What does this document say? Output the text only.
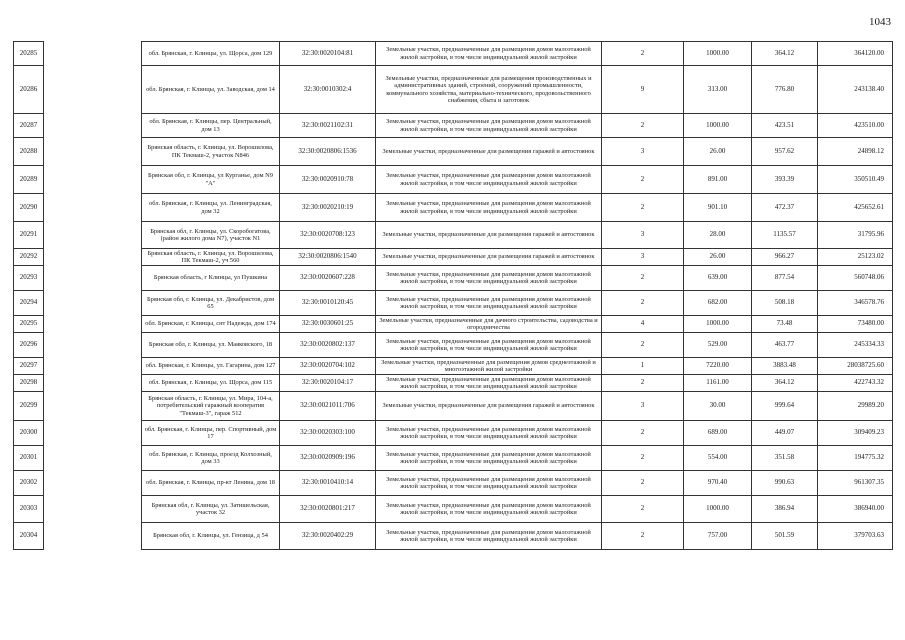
1043
20285		обл. Брянская, г. Клинцы, ул. Щорса, дом 129	32:30:0020104:81	Земельные участки, предназначенные для размещения домов малоэтажной жилой застройки, в том числе индивидуальной жилой застройки	2	1000.00	364.12	364120.00
20286		обл. Брянская, г. Клинцы, ул. Заводская, дом 14	32:30:0010302:4	Земельные участки, предназначенные для размещения производственных и административных зданий, строений, сооружений промышленности, коммунального хозяйства, материально-технического, продовольственного снабжения, сбыта и заготовок	9	313.00	776.80	243138.40
20287		обл. Брянская, г. Клинцы, пер. Центральный, дом 13	32:30:0021102:31	Земельные участки, предназначенные для размещения домов малоэтажной жилой застройки, в том числе индивидуальной жилой застройки	2	1000.00	423.51	423510.00
20288		Брянская область, г. Клинцы, ул. Ворошилова, ПК Текмаш-2, участок N846	32:30:0020806:1536	Земельные участки, предназначенные для размещения гаражей и автостоянок	3	26.00	957.62	24898.12
20289		Брянская обл, г. Клинцы, ул Курганье, дом N9 "А"	32:30:0020910:78	Земельные участки, предназначенные для размещения домов малоэтажной жилой застройки, в том числе индивидуальной жилой застройки	2	891.00	393.39	350510.49
20290		обл. Брянская, г. Клинцы, ул. Ленинградская, дом 32	32:30:0020210:19	Земельные участки, предназначенные для размещения домов малоэтажной жилой застройки, в том числе индивидуальной жилой застройки	2	901.10	472.37	425652.61
20291		Брянская обл, г. Клинцы, ул. Скоробогатова, (район жилого дома N7), участок N1	32:30:0020708:123	Земельные участки, предназначенные для размещения гаражей и автостоянок	3	28.00	1135.57	31795.96
20292		Брянская область, г. Клинцы, ул. Ворошилова, ПК Текмаш-2, уч 560	32:30:0020806:1540	Земельные участки, предназначенные для размещения гаражей и автостоянок	3	26.00	966.27	25123.02
20293		Брянская область, г Клинцы, ул Пушкина	32:30:0020607:228	Земельные участки, предназначенные для размещения домов малоэтажной жилой застройки, в том числе индивидуальной жилой застройки	2	639.00	877.54	560748.06
20294		Брянская обл, г. Клинцы, ул. Декабристов, дом 65	32:30:0010120:45	Земельные участки, предназначенные для размещения домов малоэтажной жилой застройки, в том числе индивидуальной жилой застройки	2	682.00	508.18	346578.76
20295		обл. Брянская, г. Клинцы, снт Надежда, дом 174	32:30:0030601:25	Земельные участки, предназначенные для дачного строительства, садоводства и огородничества	4	1000.00	73.48	73480.00
20296		Брянская обл, г. Клинцы, ул. Маяковского, 18	32:30:0020802:137	Земельные участки, предназначенные для размещения домов малоэтажной жилой застройки, в том числе индивидуальной жилой застройки	2	529.00	463.77	245334.33
20297		обл. Брянская, г. Клинцы, ул. Гагарина, дом 127	32:30:0020704:102	Земельные участки, предназначенные для размещения домов среднеэтажной и многоэтажной жилой застройки	1	7220.00	3883.48	28038725.60
20298		обл. Брянская, г. Клинцы, ул. Щорса, дом 115	32:30:0020104:17	Земельные участки, предназначенные для размещения домов малоэтажной жилой застройки, в том числе индивидуальной жилой застройки	2	1161.00	364.12	422743.32
20299		Брянская область, г. Клинцы, ул. Мира, 104-а, потребительский гаражный кооператив "Текмаш-3", гараж 512	32:30:0021011:706	Земельные участки, предназначенные для размещения гаражей и автостоянок	3	30.00	999.64	29989.20
20300		обл. Брянская, г. Клинцы, пер. Спортивный, дом 17	32:30:0020303:100	Земельные участки, предназначенные для размещения домов малоэтажной жилой застройки, в том числе индивидуальной жилой застройки	2	689.00	449.07	309409.23
20301		обл. Брянская, г. Клинцы, проезд Колхозный, дом 33	32:30:0020909:196	Земельные участки, предназначенные для размещения домов малоэтажной жилой застройки, в том числе индивидуальной жилой застройки	2	554.00	351.58	194775.32
20302		обл. Брянская, г. Клинцы, пр-кт Ленина, дом 18	32:30:0010410:14	Земельные участки, предназначенные для размещения домов малоэтажной жилой застройки, в том числе индивидуальной жилой застройки	2	970.40	990.63	961307.35
20303		Брянская обл, г. Клинцы, ул. Затишельская, участок 32	32:30:0020801:217	Земельные участки, предназначенные для размещения домов малоэтажной жилой застройки, в том числе индивидуальной жилой застройки	2	1000.00	386.94	386940.00
20304		Брянская обл, г. Клинцы, ул. Гензица, д 54	32:30:0020402:29	Земельные участки, предназначенные для размещения домов малоэтажной жилой застройки, в том числе индивидуальной жилой застройки	2	757.00	501.59	379703.63
